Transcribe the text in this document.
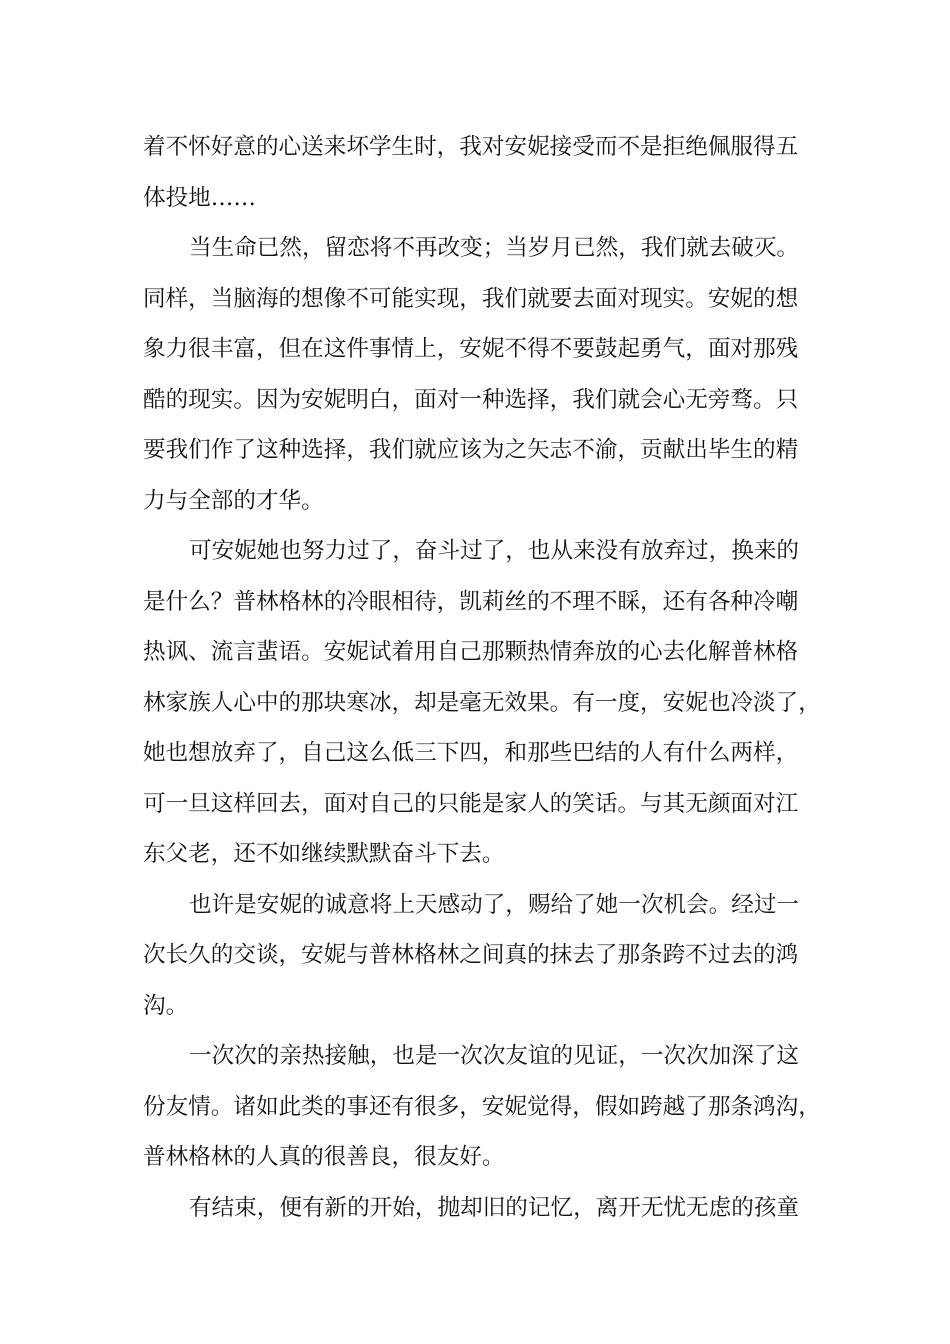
着不怀好意的心送来坏学生时，我对安妮接受而不是拒绝佩服得五
体投地……
当生命已然，留恋将不再改变；当岁月已然，我们就去破灭。
同样，当脑海的想像不可能实现，我们就要去面对现实。安妮的想
象力很丰富，但在这件事情上，安妮不得不要鼓起勇气，面对那残
酷的现实。因为安妮明白，面对一种选择，我们就会心无旁骛。只
要我们作了这种选择，我们就应该为之矢志不渝，贡献出毕生的精
力与全部的才华。
可安妮她也努力过了，奋斗过了，也从来没有放弃过，换来的
是什么？普林格林的冷眼相待，凯莉丝的不理不睬，还有各种冷嘲
热讽、流言蜚语。安妮试着用自己那颗热情奔放的心去化解普林格
林家族人心中的那块寒冰，却是毫无效果。有一度，安妮也冷淡了，
她也想放弃了，自己这么低三下四，和那些巴结的人有什么两样，
可一旦这样回去，面对自己的只能是家人的笑话。与其无颜面对江
东父老，还不如继续默默奋斗下去。
也许是安妮的诚意将上天感动了，赐给了她一次机会。经过一
次长久的交谈，安妮与普林格林之间真的抹去了那条跨不过去的鸿
沟。
一次次的亲热接触，也是一次次友谊的见证，一次次加深了这
份友情。诸如此类的事还有很多，安妮觉得，假如跨越了那条鸿沟，
普林格林的人真的很善良，很友好。
有结束，便有新的开始，抛却旧的记忆，离开无忧无虑的孩童
